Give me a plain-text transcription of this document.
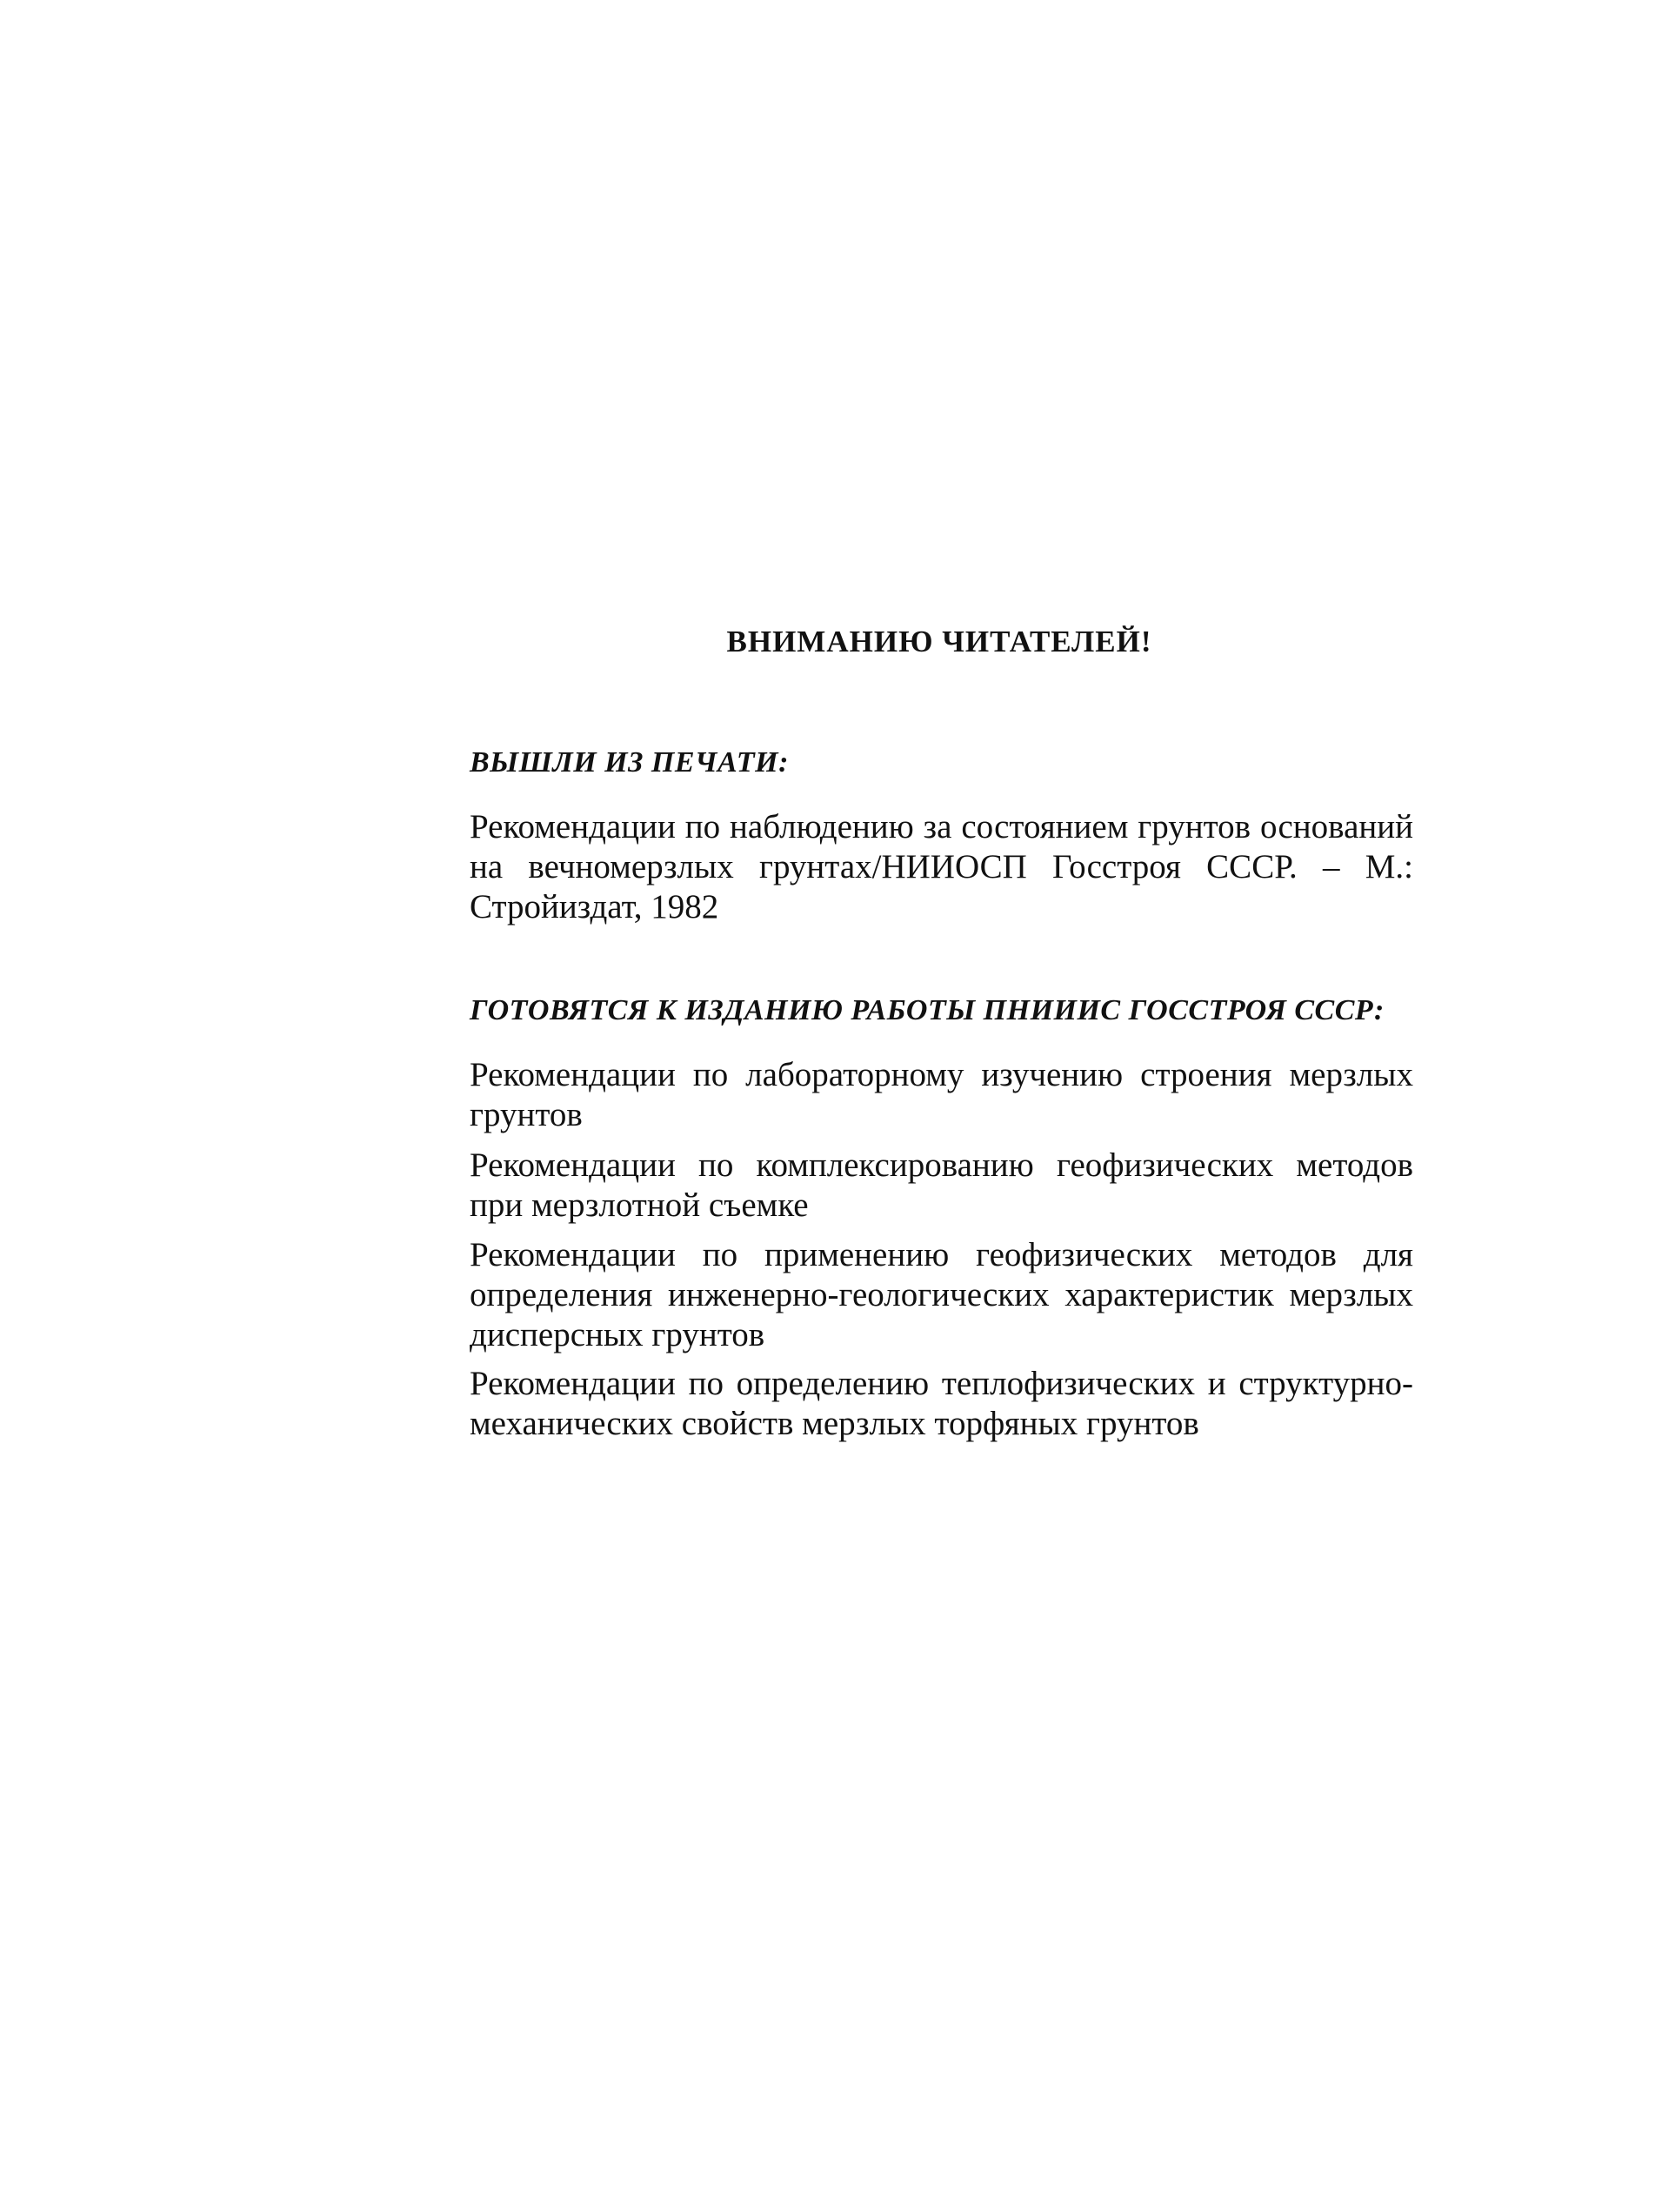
ВНИМАНИЮ ЧИТАТЕЛЕЙ!
ВЫШЛИ ИЗ ПЕЧАТИ:
Рекомендации по наблюдению за состоянием грунтов оснований на вечномерзлых грунтах/НИИОСП Госстроя СССР. – М.: Стройиздат, 1982
ГОТОВЯТСЯ К ИЗДАНИЮ РАБОТЫ ПНИИИС ГОССТРОЯ СССР:
Рекомендации по лабораторному изучению строения мерзлых грунтов
Рекомендации по комплексированию геофизических методов при мерзлотной съемке
Рекомендации по применению геофизических методов для определения инженерно-геологических характеристик мерзлых дисперсных грунтов
Рекомендации по определению теплофизических и структурно-механических свойств мерзлых торфяных грунтов
